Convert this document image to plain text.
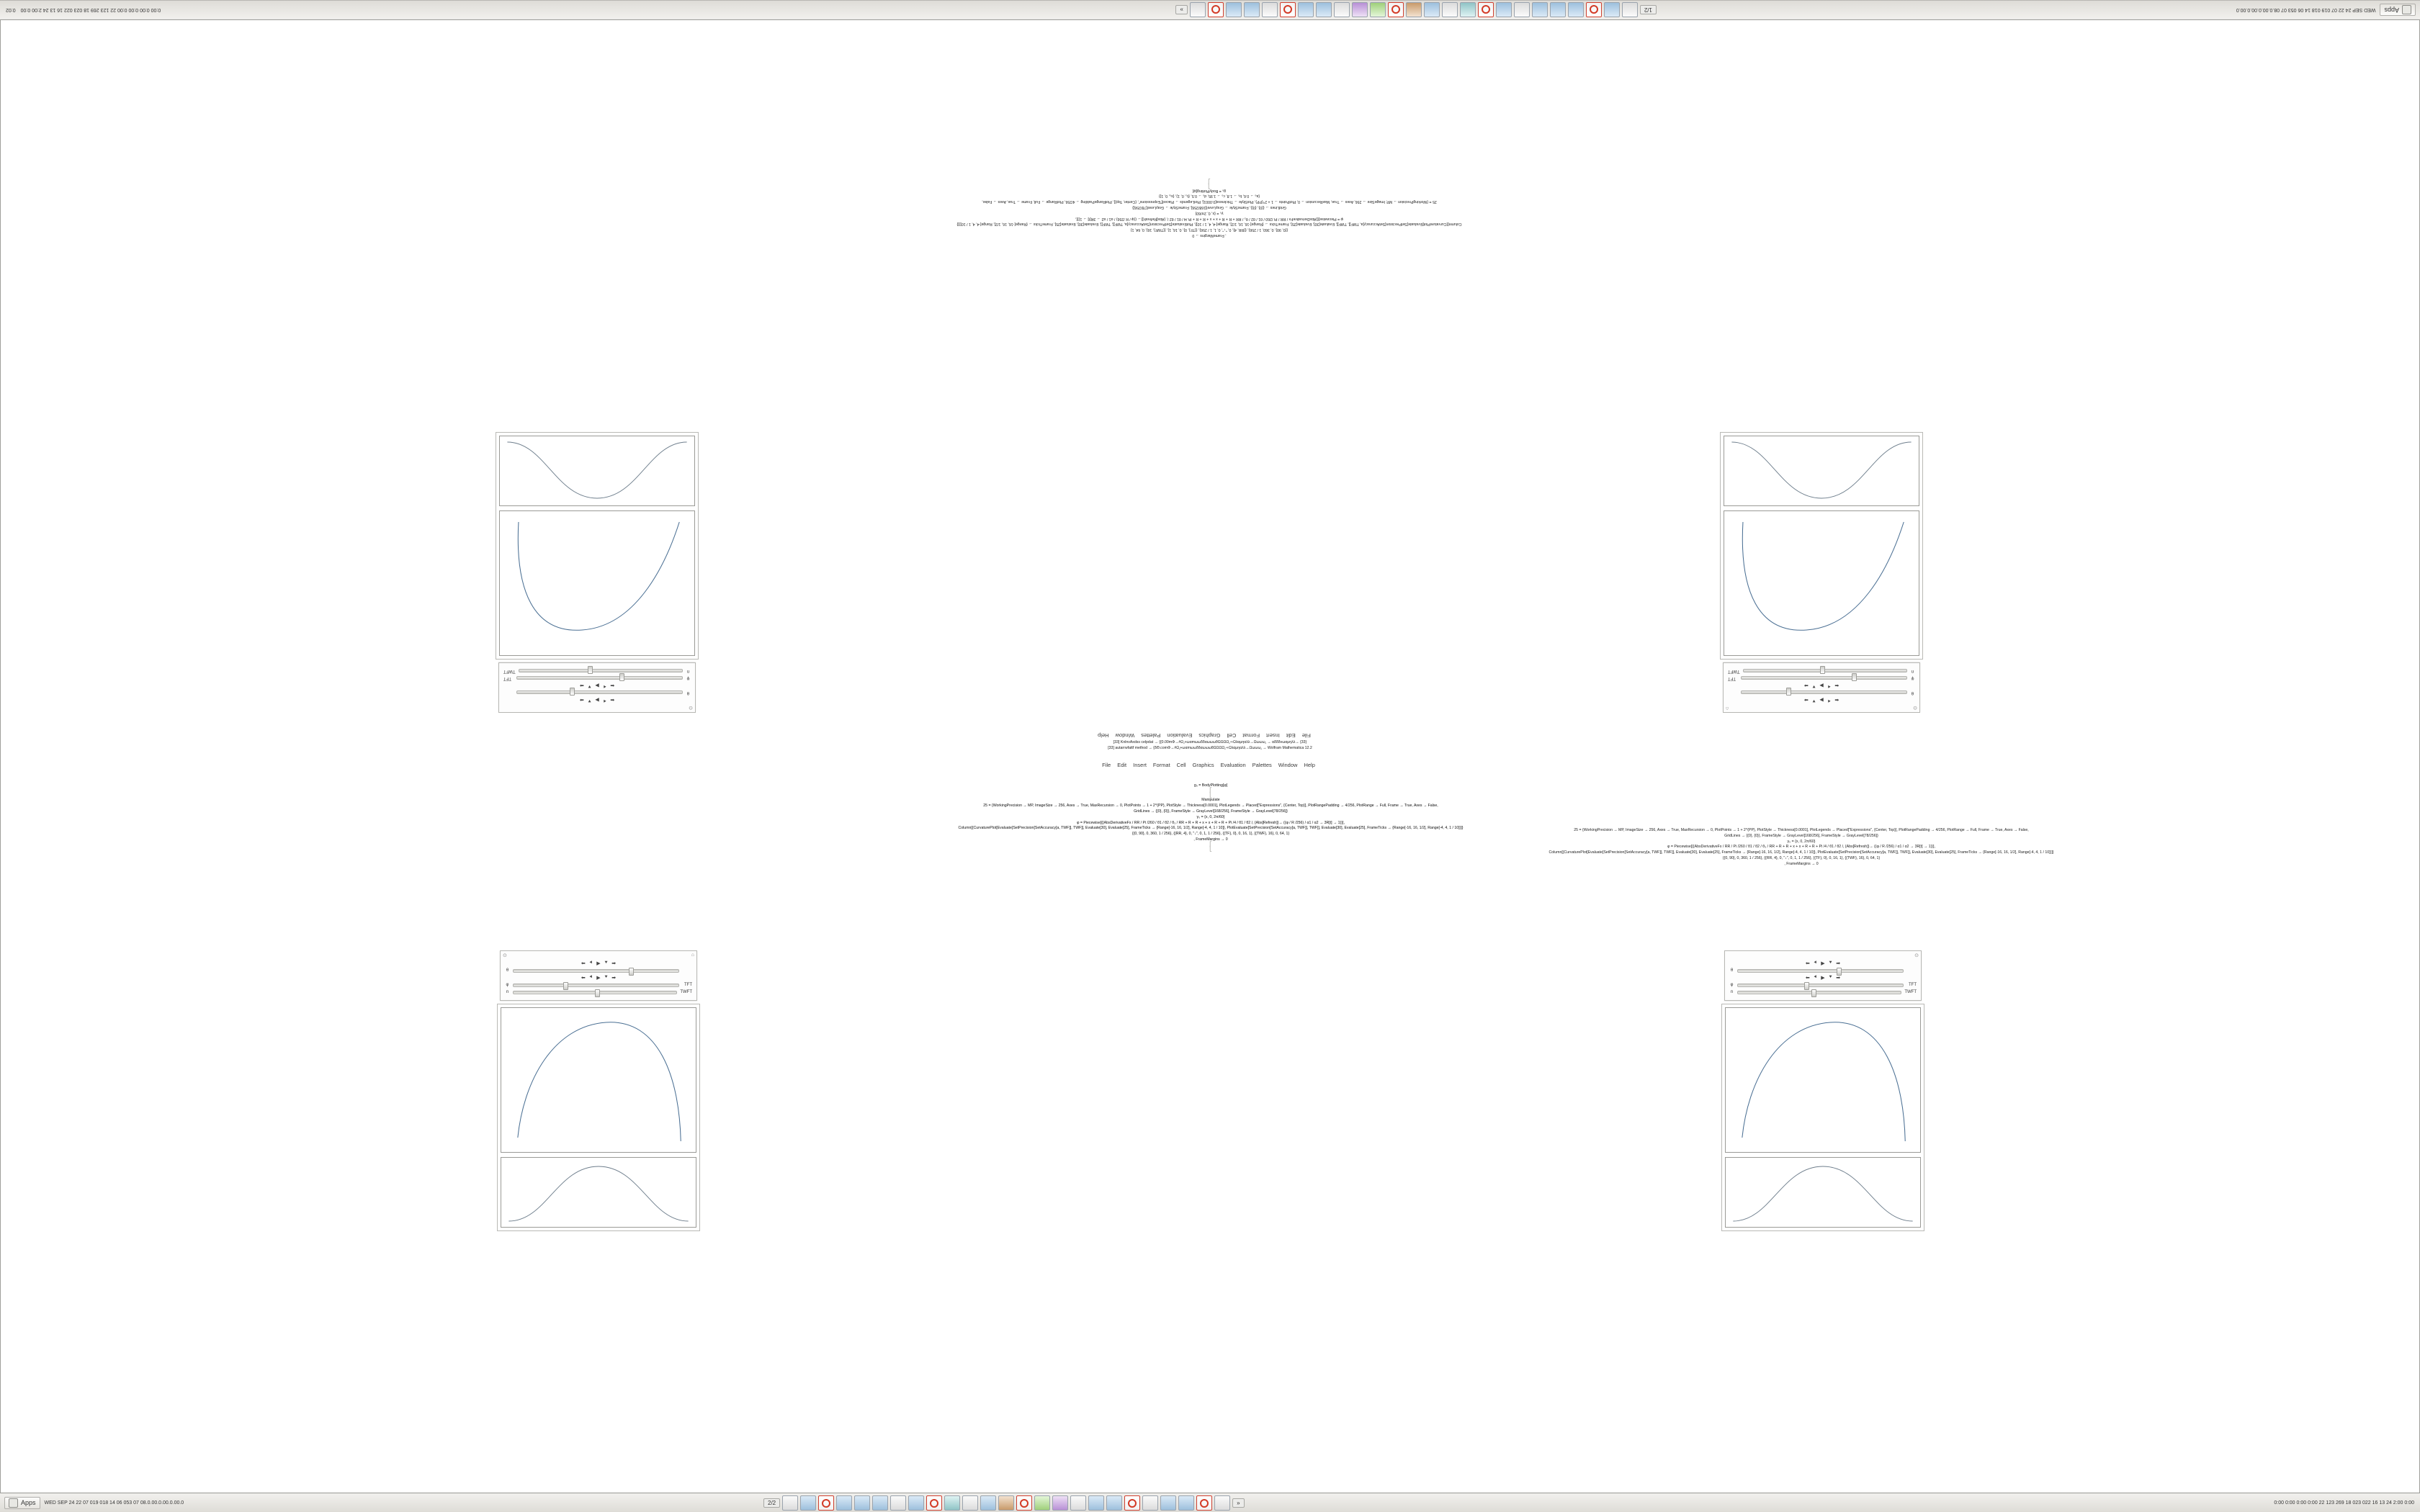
Apps
WED SEP 24 22 07 019 018 14 06 053 07 08.0.00.0.00.0.00.0
1/2
»
0:00 0:00 0:00 0:00 22 123 269 18 023 022 16 13 24 2:00 0:00
0:02
Apps WED SEP 24 22 07 019 018 14 06 053 07 08.0.00.0.00.0.00.0	2/2	»	0:00 0:00 0:00 0:00 22 123 269 18 023 022 16 13 24 2:00 0:00
File
Edit
Insert
Format
Cell
Graphics
Evaluation
Palettes
Window
Help
⊙
⌂
⬅
⯇
▶
⯆
➡
θ
⬅
⯇
▶
⯆
➡
φ
TFT
n
TWFT
⊙
⬅
⯇
▶
⯆
➡
θ
⬅
⯇
▶
⯆
➡
φ
TFT
n
TWFT
, FrameMargins → 0
{{0, 90}, 0, 360, 1 / 256}, {{RR, 4}, 0, "↓", 0, 1, 1 / 256}, {{TF}, 0}, 0, 16, 1}, {{TWF}, 16}, 0, 64, 1}
Column[{CurvaturePlot[Evaluate[SetPrecision[SetAccuracy[a, TWF]], TWF]], Evaluate[30], Evaluate[25], FrameTicks → {Range[-16, 16, 1/2], Range[-4, 4, 1 / 10]}, PlotEvaluate[SetPrecision[SetAccuracy[a, TWF]], TWF]], Evaluate[30], Evaluate[25], FrameTicks → {Range[-16, 16, 1/2], Range[-4, 4, 1 / 10]}]}
φ = Piecewise[{{AbsDerivativeFx / RR / Pi /260 / θ1 / θ2 / θ₃ / RR + R + R + x + x + R + R + Pi /4 / θ1 / θ2 /, {Abs[Refresh]}→ ((φ / R /256) / α1 / α2 → 3R[t] → 1}}],
γ₀ = {x, 0, 2π/60}
GridLines → {{0}, {0}}, FrameStyle → GrayLevel[168/256], FrameStyle → GrayLevel[78/256]}
25 = {WorkingPrecision → MP, ImageSize → 256, Axes → True, MaxRecursion → 0, PlotPoints → 1 + 2^(PP), PlotStyle → Thickness[0.0001], PlotLegends → Placed["Expressions", {Center, Top}], PlotRangePadding → 4/256, PlotRange → Full, Frame → True, Axes → False,
{a₀ → 0.6, b₀ → 1.8, c₀ → 1.95, d₀ → 0.5, {t₀, 0, 1}, {s₀, 0, 1}}
g₀ = BodyPlotting[φ]
⎤
⎦
[33] KnlnvAxdss celpdat → {{0.00mΦ→#Ω⁁+ωαmωωδδαωωωθΩΩΩΩ⁁⇒Ωλαμηαλλ→Ωωωω⁁ → αδδδνωαμηλλ→ {33}
[33] autarrwfattf method → {δΘ.comΦ→#Ω⁁+ωαmωωδδαωωωθΩΩΩΩ⁁⇒Ωλαμηαλλ→Ωωωω⁁ → Wolfram Mathematica 12.2
File Edit Insert Format Cell Graphics Evaluation Palettes Window Help
g₀ = BodyPlotting[φ]
⎡
⎣
Manipulate
25 = {WorkingPrecision → MP, ImageSize → 256, Axes → True, MaxRecursion → 0, PlotPoints → 1 + 2^(PP), PlotStyle → Thickness[0.0001], PlotLegends → Placed["Expressions", {Center, Top}], PlotRangePadding → 4/256, PlotRange → Full, Frame → True, Axes → False,
GridLines → {{0}, {0}}, FrameStyle → GrayLevel[168/256], FrameStyle → GrayLevel[78/256]}
γ₀ = {x, 0, 2π/60}
φ = Piecewise[{{AbsDerivativeFx / RR / Pi /260 / θ1 / θ2 / θ₃ / RR + R + R + x + x + R + R + Pi /4 / θ1 / θ2 /, {Abs[Refresh]}→ ((φ / R /256) / α1 / α2 → 3R[t] → 1}}],
Column[{CurvaturePlot[Evaluate[SetPrecision[SetAccuracy[a, TWF]], TWF]], Evaluate[30], Evaluate[25], FrameTicks → {Range[-16, 16, 1/2], Range[-4, 4, 1 / 10]}, PlotEvaluate[SetPrecision[SetAccuracy[a, TWF]], TWF]], Evaluate[30], Evaluate[25], FrameTicks → {Range[-16, 16, 1/2], Range[-4, 4, 1 / 10]}]}
{{0, 90}, 0, 360, 1 / 256}, {{RR, 4}, 0, "↓", 0, 1, 1 / 256}, {{TF}, 0}, 0, 16, 1}, {{TWF}, 16}, 0, 64, 1}
, FrameMargins → 0
⎡
⎣
⊙	⌂
⬅ ⯇ ▶ ⯆ ➡
θ
⬅ ⯇ ▶ ⯆ ➡
φ	TFT
n	TWFT
⊙
⬅ ⯇ ▶ ⯆ ➡
θ
⬅ ⯇ ▶ ⯆ ➡
φ	TFT
n	TWFT
25 = {WorkingPrecision → MP, ImageSize → 256, Axes → True, MaxRecursion → 0, PlotPoints → 1 + 2^(PP), PlotStyle → Thickness[0.0001], PlotLegends → Placed["Expressions", {Center, Top}], PlotRangePadding → 4/256, PlotRange → Full, Frame → True, Axes → False,
GridLines → {{0}, {0}}, FrameStyle → GrayLevel[168/256], FrameStyle → GrayLevel[78/256]}
γ₀ = {x, 0, 2π/60}
φ = Piecewise[{{AbsDerivativeFx / RR / Pi /260 / θ1 / θ2 / θ₃ / RR + R + R + x + x + R + R + Pi /4 / θ1 / θ2 /, {Abs[Refresh]}→ ((φ / R /256) / α1 / α2 → 3R[t] → 1}}],
Column[{CurvaturePlot[Evaluate[SetPrecision[SetAccuracy[a, TWF]], TWF]], Evaluate[30], Evaluate[25], FrameTicks → {Range[-16, 16, 1/2], Range[-4, 4, 1 / 10]}, PlotEvaluate[SetPrecision[SetAccuracy[a, TWF]], TWF]], Evaluate[30], Evaluate[25], FrameTicks → {Range[-16, 16, 1/2], Range[-4, 4, 1 / 10]}]}
{{0, 90}, 0, 360, 1 / 256}, {{RR, 4}, 0, "↓", 0, 1, 1 / 256}, {{TF}, 0}, 0, 16, 1}, {{TWF}, 16}, 0, 64, 1}
, FrameMargins → 0
